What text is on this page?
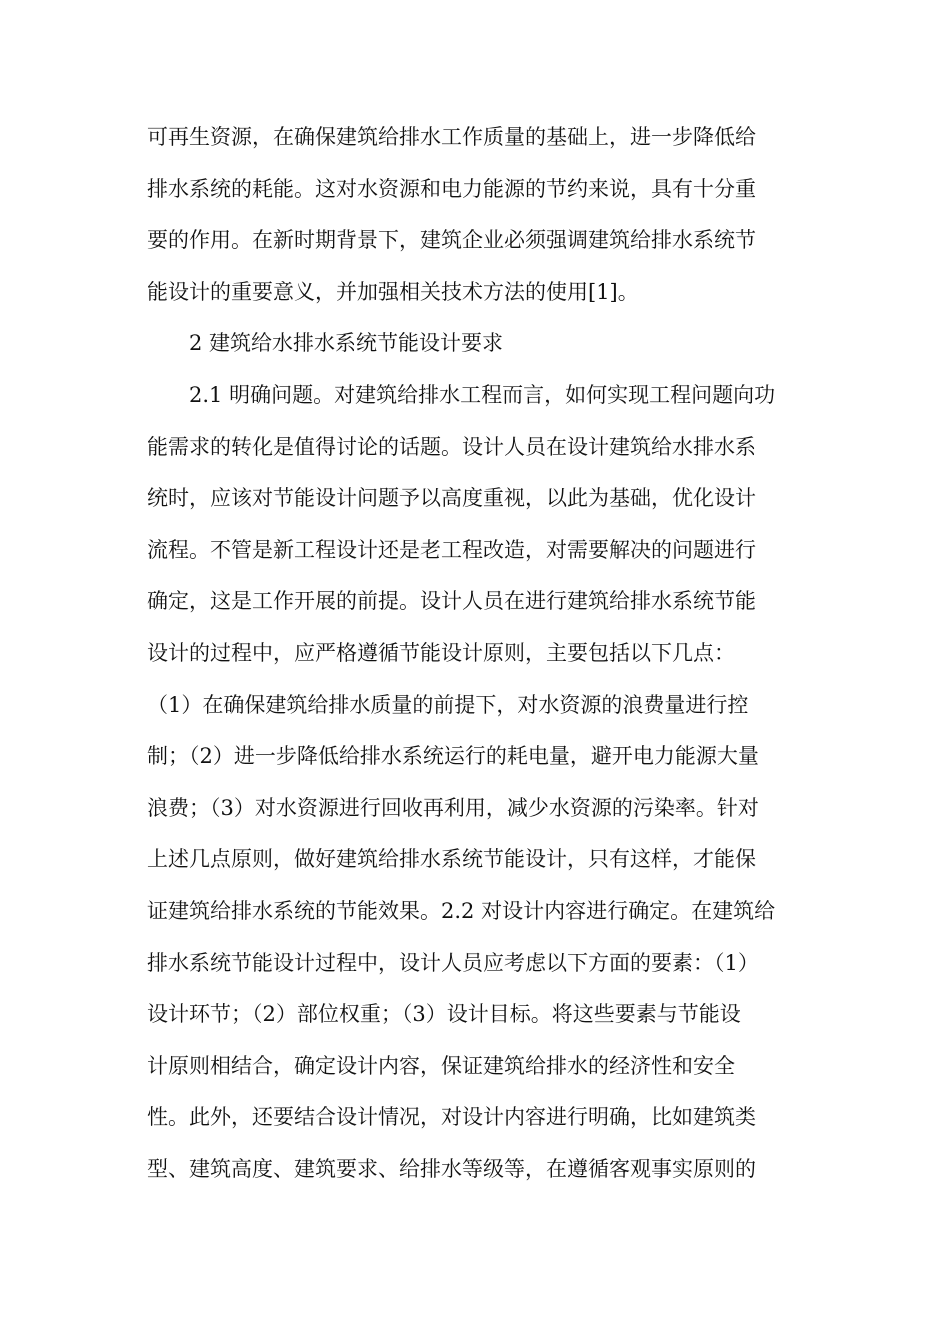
可再生资源，在确保建筑给排水工作质量的基础上，进一步降低给
排水系统的耗能。这对水资源和电力能源的节约来说，具有十分重
要的作用。在新时期背景下，建筑企业必须强调建筑给排水系统节
能设计的重要意义，并加强相关技术方法的使用[1]。
2 建筑给水排水系统节能设计要求
2.1 明确问题。对建筑给排水工程而言，如何实现工程问题向功
能需求的转化是值得讨论的话题。设计人员在设计建筑给水排水系
统时，应该对节能设计问题予以高度重视，以此为基础，优化设计
流程。不管是新工程设计还是老工程改造，对需要解决的问题进行
确定，这是工作开展的前提。设计人员在进行建筑给排水系统节能
设计的过程中，应严格遵循节能设计原则，主要包括以下几点：
（1）在确保建筑给排水质量的前提下，对水资源的浪费量进行控
制；（2）进一步降低给排水系统运行的耗电量，避开电力能源大量
浪费；（3）对水资源进行回收再利用，减少水资源的污染率。针对
上述几点原则，做好建筑给排水系统节能设计，只有这样，才能保
证建筑给排水系统的节能效果。2.2 对设计内容进行确定。在建筑给
排水系统节能设计过程中，设计人员应考虑以下方面的要素：（1）
设计环节；（2）部位权重；（3）设计目标。将这些要素与节能设
计原则相结合，确定设计内容，保证建筑给排水的经济性和安全
性。此外，还要结合设计情况，对设计内容进行明确，比如建筑类
型、建筑高度、建筑要求、给排水等级等，在遵循客观事实原则的
